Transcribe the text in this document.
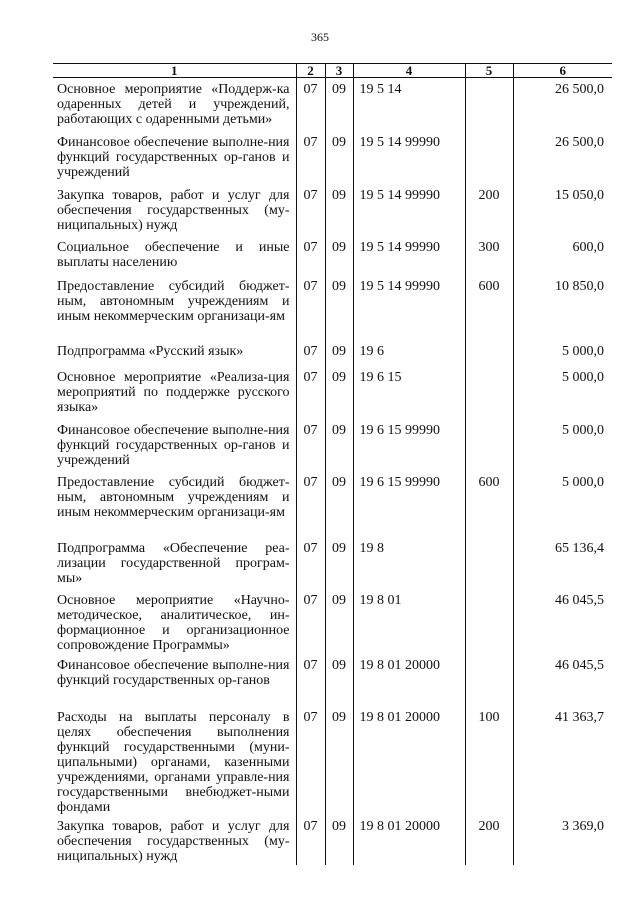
365
1	2	3	4	5	6
Основное мероприятие «Поддерж-ка одаренных детей и учреждений, работающих с одаренными детьми»	07	09	19 5 14		26 500,0
Финансовое обеспечение выполне-ния функций государственных ор-ганов и учреждений	07	09	19 5 14 99990		26 500,0
Закупка товаров, работ и услуг для обеспечения государственных (му-ниципальных) нужд	07	09	19 5 14 99990	200	15 050,0
Социальное обеспечение и иные выплаты населению	07	09	19 5 14 99990	300	600,0
Предоставление субсидий бюджет-ным, автономным учреждениям и иным некоммерческим организаци-ям	07	09	19 5 14 99990	600	10 850,0
Подпрограмма «Русский язык»	07	09	19 6		5 000,0
Основное мероприятие «Реализа-ция мероприятий по поддержке русского языка»	07	09	19 6 15		5 000,0
Финансовое обеспечение выполне-ния функций государственных ор-ганов и учреждений	07	09	19 6 15 99990		5 000,0
Предоставление субсидий бюджет-ным, автономным учреждениям и иным некоммерческим организаци-ям	07	09	19 6 15 99990	600	5 000,0
Подпрограмма «Обеспечение реа-лизации государственной програм-мы»	07	09	19 8		65 136,4
Основное мероприятие «Научно-методическое, аналитическое, ин-формационное и организационное сопровождение Программы»	07	09	19 8 01		46 045,5
Финансовое обеспечение выполне-ния функций государственных ор-ганов	07	09	19 8 01 20000		46 045,5
Расходы на выплаты персоналу в целях обеспечения выполнения функций государственными (муни-ципальными) органами, казенными учреждениями, органами управле-ния государственными внебюджет-ными фондами	07	09	19 8 01 20000	100	41 363,7
Закупка товаров, работ и услуг для обеспечения государственных (му-ниципальных) нужд	07	09	19 8 01 20000	200	3 369,0
